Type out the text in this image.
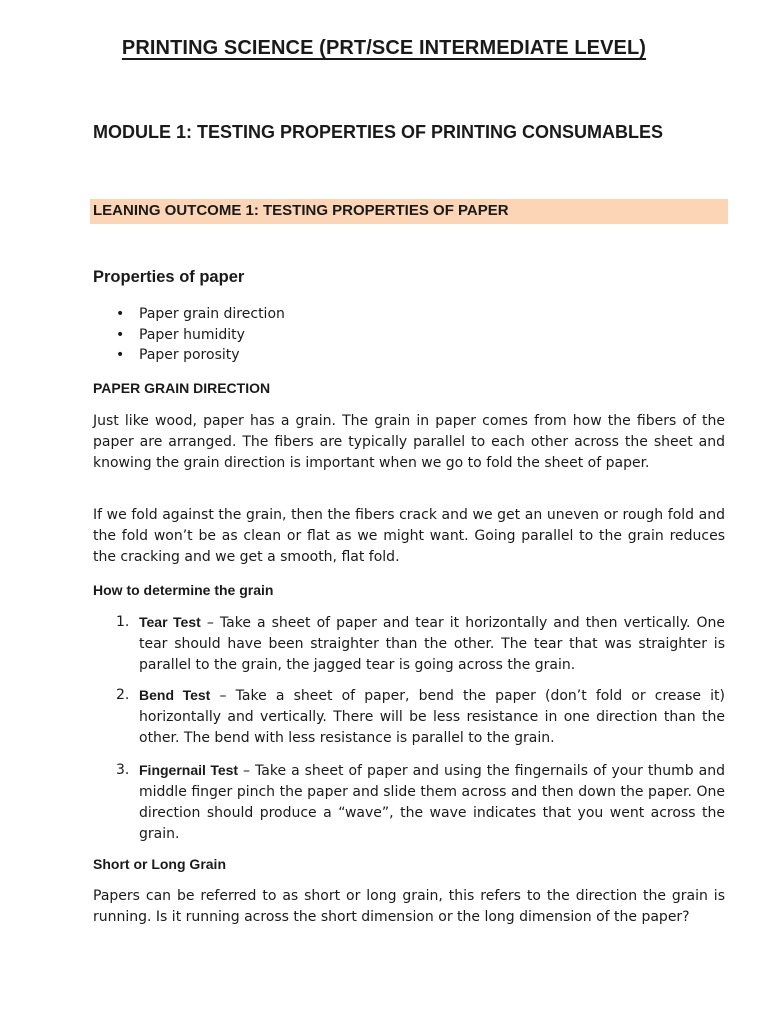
PRINTING SCIENCE (PRT/SCE INTERMEDIATE LEVEL)
MODULE 1: TESTING PROPERTIES OF PRINTING CONSUMABLES
LEANING OUTCOME 1: TESTING PROPERTIES OF PAPER
Properties of paper
• Paper grain direction
• Paper humidity
• Paper porosity
PAPER GRAIN DIRECTION

Just like wood, paper has a grain. The grain in paper comes from how the fibers of the paper are arranged. The fibers are typically parallel to each other across the sheet and knowing the grain direction is important when we go to fold the sheet of paper.

If we fold against the grain, then the fibers crack and we get an uneven or rough fold and the fold won’t be as clean or flat as we might want. Going parallel to the grain reduces the cracking and we get a smooth, flat fold.

How to determine the grain
1. Tear Test – Take a sheet of paper and tear it horizontally and then vertically. One tear should have been straighter than the other. The tear that was straighter is parallel to the grain, the jagged tear is going across the grain.
2. Bend Test – Take a sheet of paper, bend the paper (don’t fold or crease it) horizontally and vertically. There will be less resistance in one direction than the other. The bend with less resistance is parallel to the grain.
3. Fingernail Test – Take a sheet of paper and using the fingernails of your thumb and middle finger pinch the paper and slide them across and then down the paper. One direction should produce a “wave”, the wave indicates that you went across the grain.
Short or Long Grain

Papers can be referred to as short or long grain, this refers to the direction the grain is running. Is it running across the short dimension or the long dimension of the paper?
